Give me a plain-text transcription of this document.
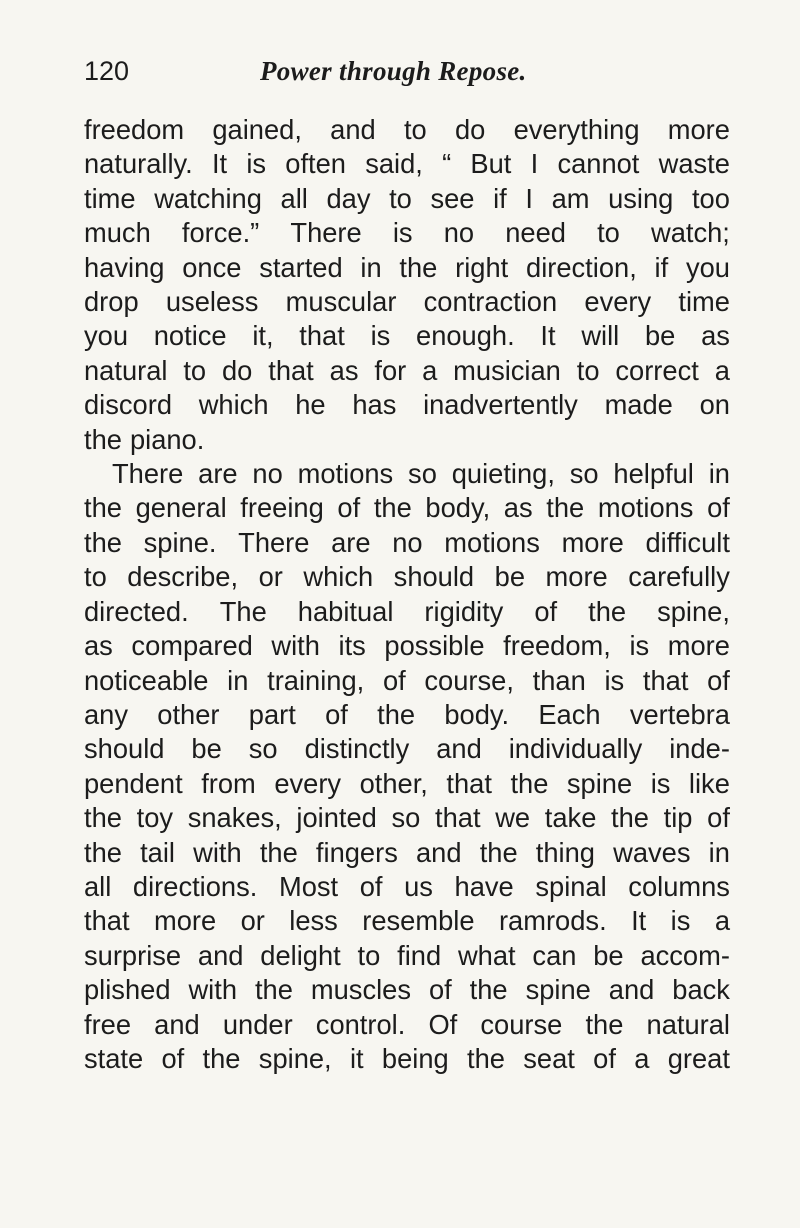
120	Power through Repose.
freedom gained, and to do everything more
naturally. It is often said, “ But I cannot waste
time watching all day to see if I am using too
much force.” There is no need to watch;
having once started in the right direction, if you
drop useless muscular contraction every time
you notice it, that is enough. It will be as
natural to do that as for a musician to correct a
discord which he has inadvertently made on
the piano.
There are no motions so quieting, so helpful in
the general freeing of the body, as the motions of
the spine. There are no motions more difficult
to describe, or which should be more carefully
directed. The habitual rigidity of the spine,
as compared with its possible freedom, is more
noticeable in training, of course, than is that of
any other part of the body. Each vertebra
should be so distinctly and individually inde-
pendent from every other, that the spine is like
the toy snakes, jointed so that we take the tip of
the tail with the fingers and the thing waves in
all directions. Most of us have spinal columns
that more or less resemble ramrods. It is a
surprise and delight to find what can be accom-
plished with the muscles of the spine and back
free and under control. Of course the natural
state of the spine, it being the seat of a great
